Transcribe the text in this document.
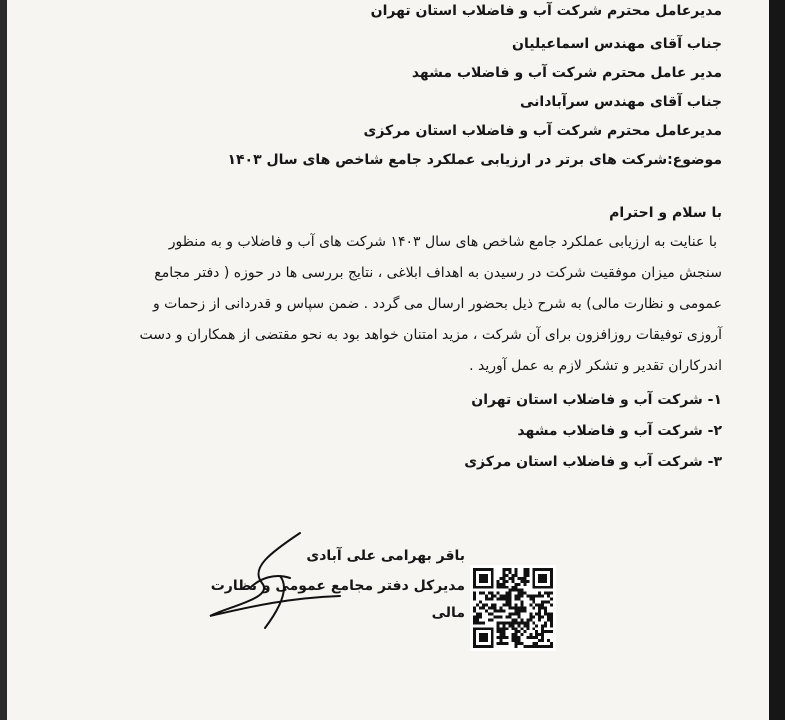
مدیرعامل محترم شرکت آب و فاضلاب استان تهران
جناب آقای مهندس اسماعیلیان
مدیر عامل محترم شرکت آب و فاضلاب مشهد
جناب آقای مهندس سرآبادانی
مدیرعامل محترم شرکت آب و فاضلاب استان مرکزی
موضوع:شرکت های برتر در ارزیابی عملکرد جامع شاخص های سال ۱۴۰۳
با سلام و احترام
با عنایت به ارزیابی عملکرد جامع شاخص های سال ۱۴۰۳ شرکت های آب و فاضلاب و به منظور
سنجش میزان موفقیت شرکت در رسیدن به اهداف ابلاغی ، نتایج بررسی ها در حوزه ( دفتر مجامع
عمومی و نظارت مالی) به شرح ذیل بحضور ارسال می گردد . ضمن سپاس و قدردانی از زحمات و
آروزی توفیقات روزافزون برای آن شرکت ، مزید امتنان خواهد بود به نحو مقتضی از همکاران و دست
اندرکاران تقدیر و تشکر لازم به عمل آورید .
۱- شرکت آب و فاضلاب استان تهران
۲- شرکت آب و فاضلاب مشهد
۳- شرکت آب و فاضلاب استان مرکزی
باقر بهرامی علی آبادی
مدیرکل دفتر مجامع عمومی و نظارت
مالی
